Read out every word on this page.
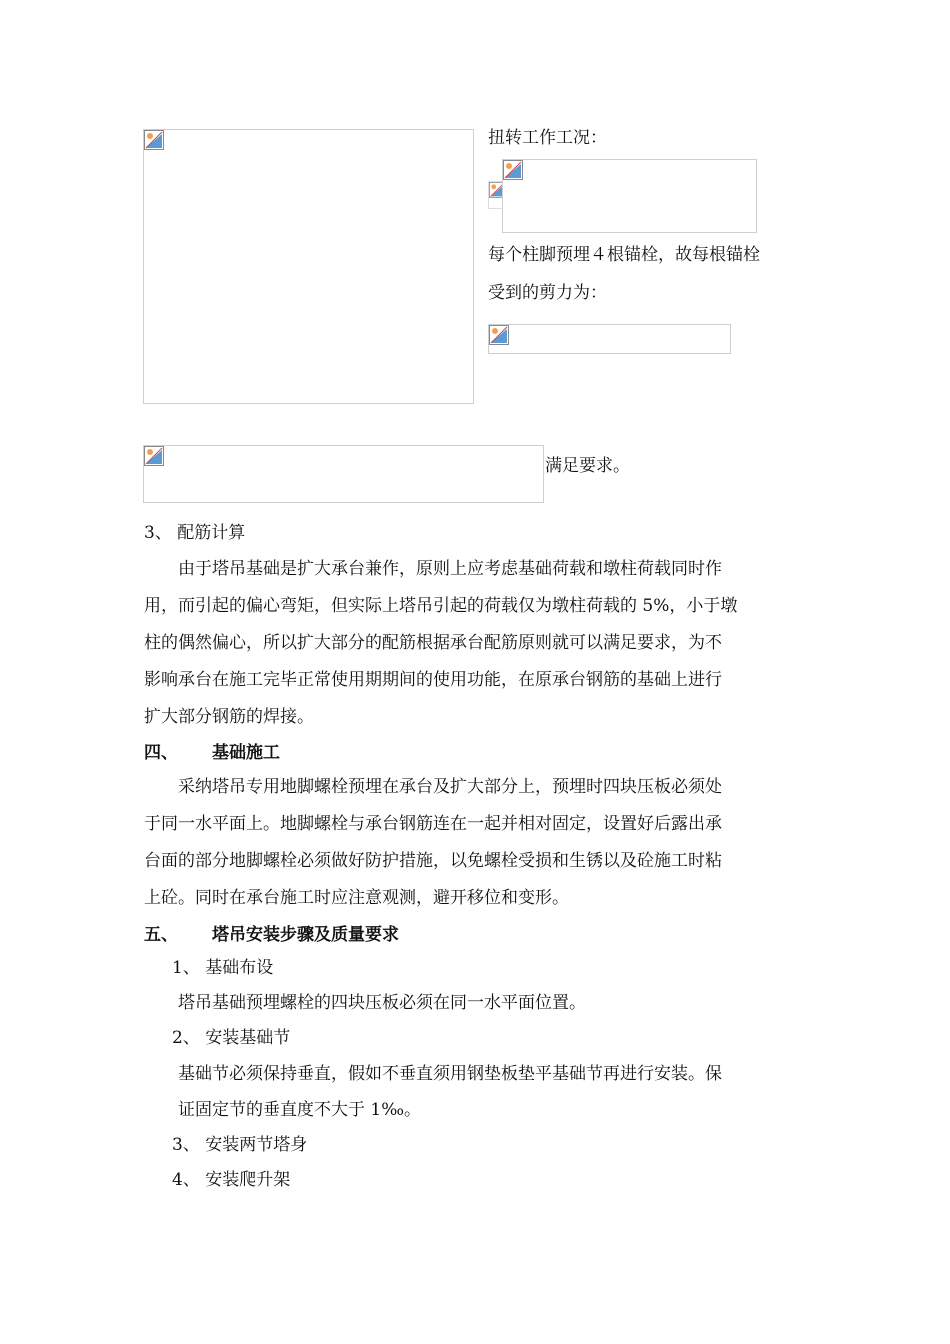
扭转工作工况：
每个柱脚预埋４根锚栓，故每根锚栓
受到的剪力为：
满足要求。
3、 配筋计算

由于塔吊基础是扩大承台兼作，原则上应考虑基础荷载和墩柱荷载同时作

用，而引起的偏心弯矩，但实际上塔吊引起的荷载仅为墩柱荷载的 5%，小于墩

柱的偶然偏心，所以扩大部分的配筋根据承台配筋原则就可以满足要求，为不

影响承台在施工完毕正常使用期期间的使用功能，在原承台钢筋的基础上进行

扩大部分钢筋的焊接。

四、 基础施工

采纳塔吊专用地脚螺栓预埋在承台及扩大部分上，预埋时四块压板必须处

于同一水平面上。地脚螺栓与承台钢筋连在一起并相对固定，设置好后露出承

台面的部分地脚螺栓必须做好防护措施，以免螺栓受损和生锈以及砼施工时粘

上砼。同时在承台施工时应注意观测，避开移位和变形。

五、 塔吊安装步骤及质量要求
1、 基础布设
塔吊基础预埋螺栓的四块压板必须在同一水平面位置。
2、 安装基础节
基础节必须保持垂直，假如不垂直须用钢垫板垫平基础节再进行安装。保
证固定节的垂直度不大于 1‰。
3、 安装两节塔身
4、 安装爬升架
